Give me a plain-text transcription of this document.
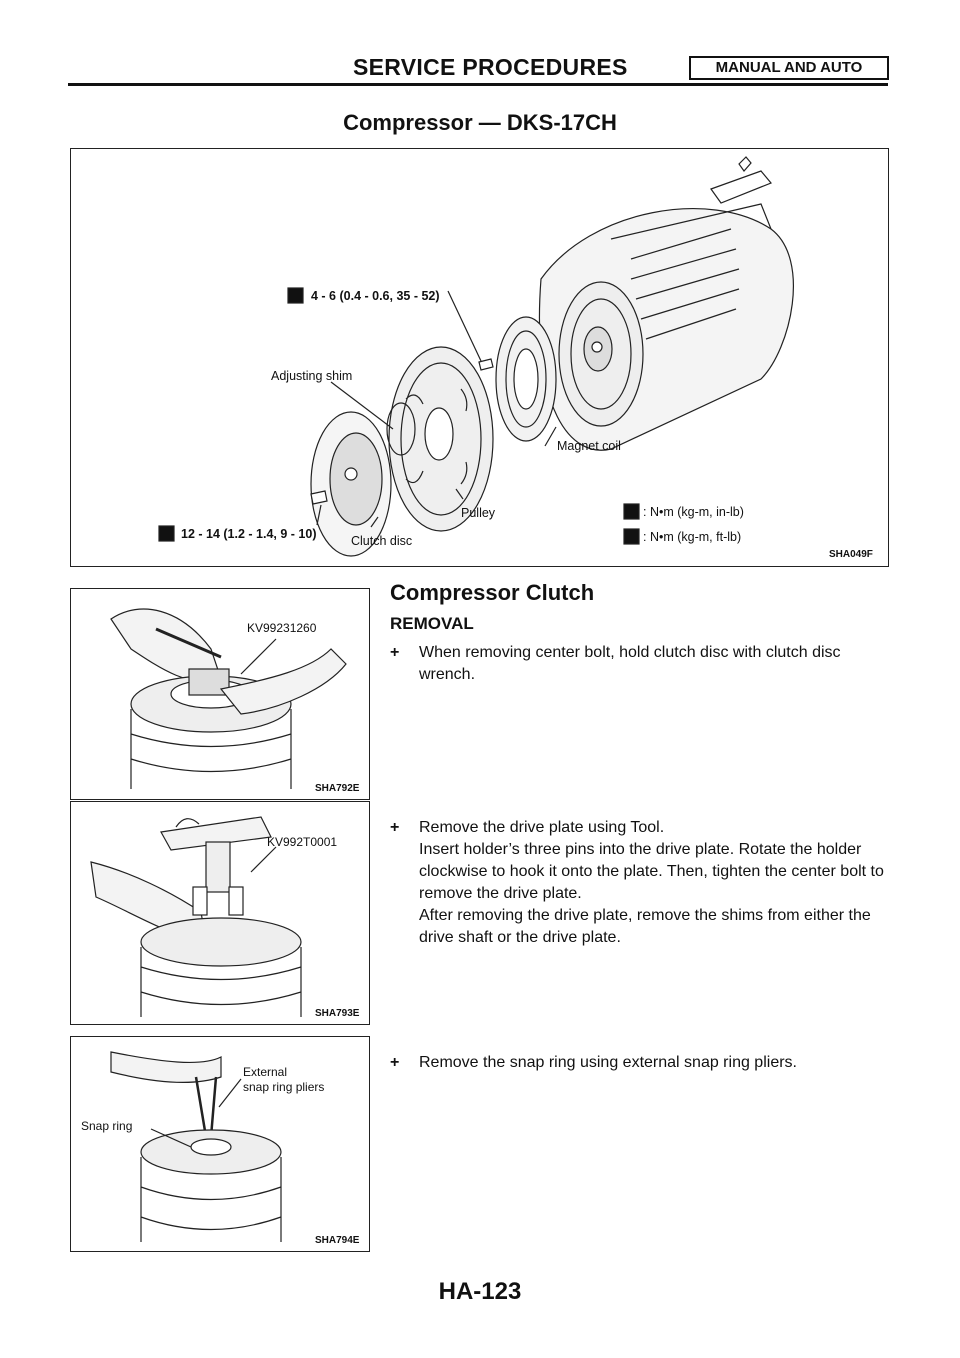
SERVICE PROCEDURES	MANUAL AND AUTO
Compressor — DKS-17CH
4 - 6 (0.4 - 0.6, 35 - 52)
Adjusting shim
Magnet coil
Pulley
Clutch disc
12 - 14 (1.2 - 1.4, 9 - 10)
: N•m (kg-m, in-lb)
: N•m (kg-m, ft-lb)
SHA049F
KV99231260
SHA792E
KV992T0001
SHA793E
External
snap ring pliers
Snap ring
SHA794E
Compressor Clutch
REMOVAL
+ When removing center bolt, hold clutch disc with clutch disc wrench.
+ Remove the drive plate using Tool.
Insert holder’s three pins into the drive plate. Rotate the holder clockwise to hook it onto the plate. Then, tighten the center bolt to remove the drive plate.
After removing the drive plate, remove the shims from either the drive shaft or the drive plate.
+ Remove the snap ring using external snap ring pliers.
HA-123
